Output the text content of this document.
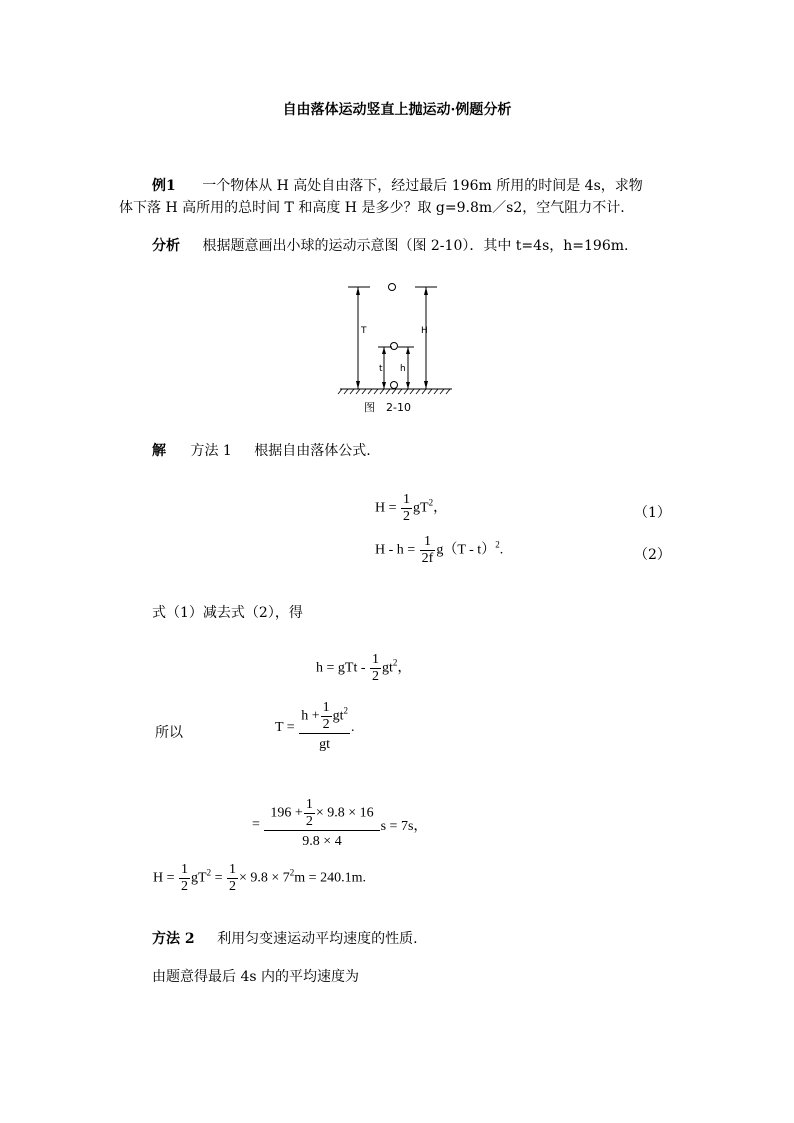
自由落体运动竖直上抛运动·例题分析
例1 一个物体从 H 高处自由落下，经过最后 196m 所用的时间是 4s，求物
体下落 H 高所用的总时间 T 和高度 H 是多少？取 g=9.8m／s2，空气阻力不计.
分析 根据题意画出小球的运动示意图（图 2-10）．其中 t=4s，h=196m.
T	H
t h
图　2-10
解 方法 1 根据自由落体公式.
$H = \frac{1}{2} gT^2$，	（1）
$H - h = \frac{1}{2f} g(T - t)^2$.	（2）
式（1）减去式（2），得
h = gTt - $\frac{1}{2} gt^2$，
所以	$T = \frac{h + \frac{1}{2} gt^2}{gt}$ .
= $\frac{196 + \frac{1}{2} \times 9.8 \times 16}{9.8 \times 4}$ s = 7s，
$H = \frac{1}{2} gT^2 = \frac{1}{2} \times 9.8 \times 7^2m = 240.1m$.
方法 2 利用匀变速运动平均速度的性质.
由题意得最后 4s 内的平均速度为
